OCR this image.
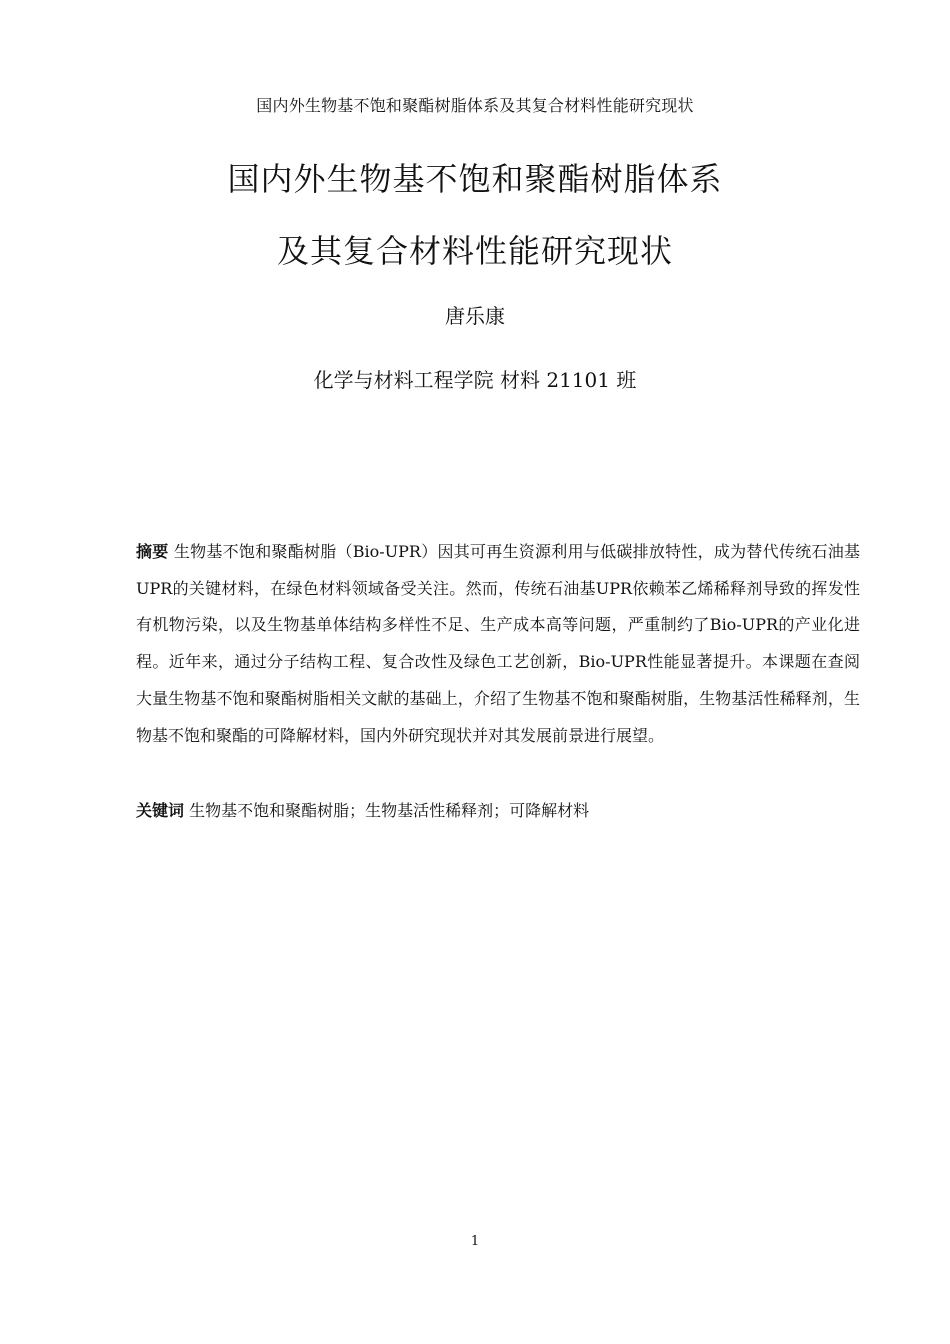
国内外生物基不饱和聚酯树脂体系及其复合材料性能研究现状
国内外生物基不饱和聚酯树脂体系
及其复合材料性能研究现状
唐乐康
化学与材料工程学院 材料 21101 班
摘要 生物基不饱和聚酯树脂（Bio-UPR）因其可再生资源利用与低碳排放特性，成为替代传统石油基UPR的关键材料，在绿色材料领域备受关注。然而，传统石油基UPR依赖苯乙烯稀释剂导致的挥发性有机物污染，以及生物基单体结构多样性不足、生产成本高等问题，严重制约了Bio-UPR的产业化进程。近年来，通过分子结构工程、复合改性及绿色工艺创新，Bio-UPR性能显著提升。本课题在查阅大量生物基不饱和聚酯树脂相关文献的基础上，介绍了生物基不饱和聚酯树脂，生物基活性稀释剂，生物基不饱和聚酯的可降解材料，国内外研究现状并对其发展前景进行展望。
关键词 生物基不饱和聚酯树脂；生物基活性稀释剂；可降解材料
1
